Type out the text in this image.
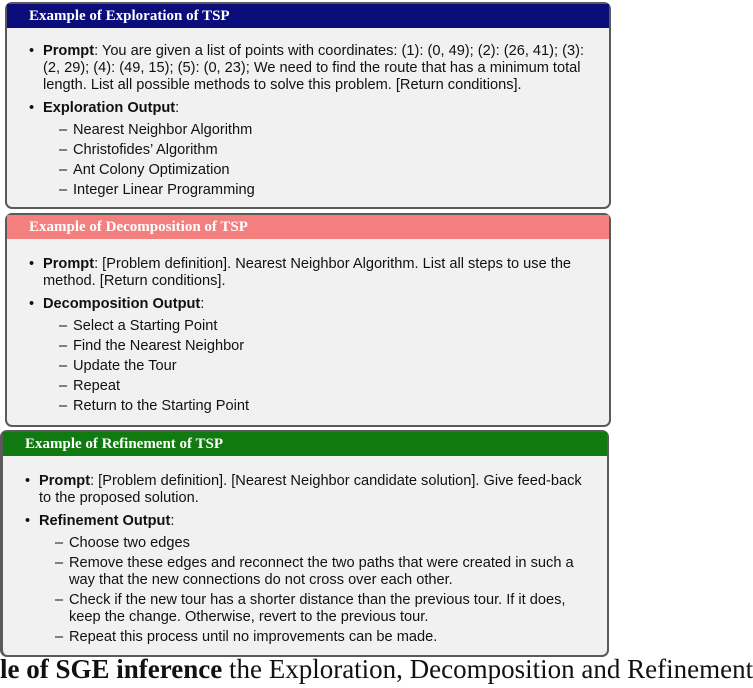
Example of Exploration of TSP
• Prompt: You are given a list of points with coordinates: (1): (0, 49); (2): (26, 41); (3): (2, 29); (4): (49, 15); (5): (0, 23); We need to find the route that has a minimum total length. List all possible methods to solve this problem. [Return conditions].
• Exploration Output:
– Nearest Neighbor Algorithm
– Christofides’ Algorithm
– Ant Colony Optimization
– Integer Linear Programming
Example of Decomposition of TSP
• Prompt: [Problem definition]. Nearest Neighbor Algorithm. List all steps to use the method. [Return conditions].
• Decomposition Output:
– Select a Starting Point
– Find the Nearest Neighbor
– Update the Tour
– Repeat
– Return to the Starting Point
Example of Refinement of TSP
• Prompt: [Problem definition]. [Nearest Neighbor candidate solution]. Give feed-back to the proposed solution.
• Refinement Output:
– Choose two edges
– Remove these edges and reconnect the two paths that were created in such a way that the new connections do not cross over each other.
– Check if the new tour has a shorter distance than the previous tour. If it does, keep the change. Otherwise, revert to the previous tour.
– Repeat this process until no improvements can be made.
le of SGE inference the Exploration, Decomposition and Refinement
